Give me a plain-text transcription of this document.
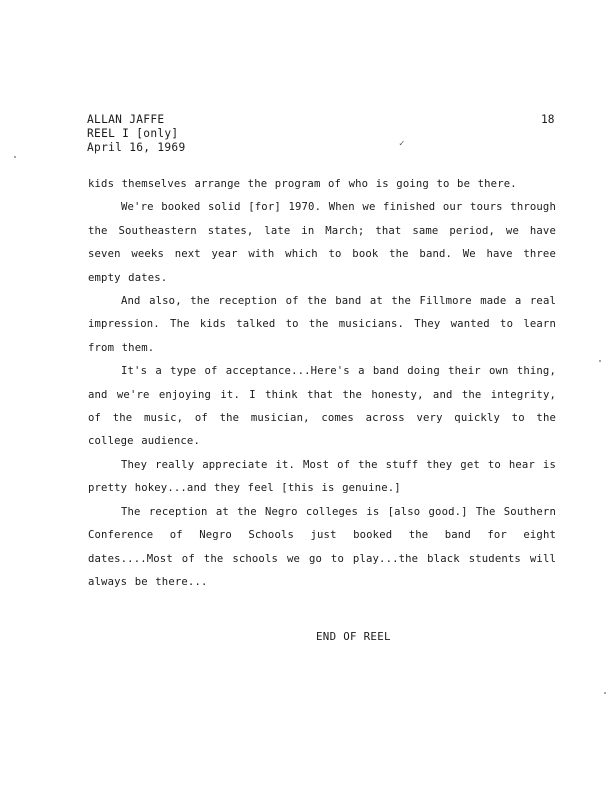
ALLAN JAFFE
REEL I [only]
April 16, 1969
18
✓

kids themselves arrange the program of who is going to be there.

We're booked solid [for] 1970. When we finished our tours through the Southeastern states, late in March; that same period, we have seven weeks next year with which to book the band. We have three empty dates.

And also, the reception of the band at the Fillmore made a real impression. The kids talked to the musicians. They wanted to learn from them.

It's a type of acceptance...Here's a band doing their own thing, and we're enjoying it. I think that the honesty, and the integrity, of the music, of the musician, comes across very quickly to the college audience.

They really appreciate it. Most of the stuff they get to hear is pretty hokey...and they feel [this is genuine.]

The reception at the Negro colleges is [also good.] The Southern Conference of Negro Schools just booked the band for eight dates....Most of the schools we go to play...the black students will always be there...

END OF REEL
